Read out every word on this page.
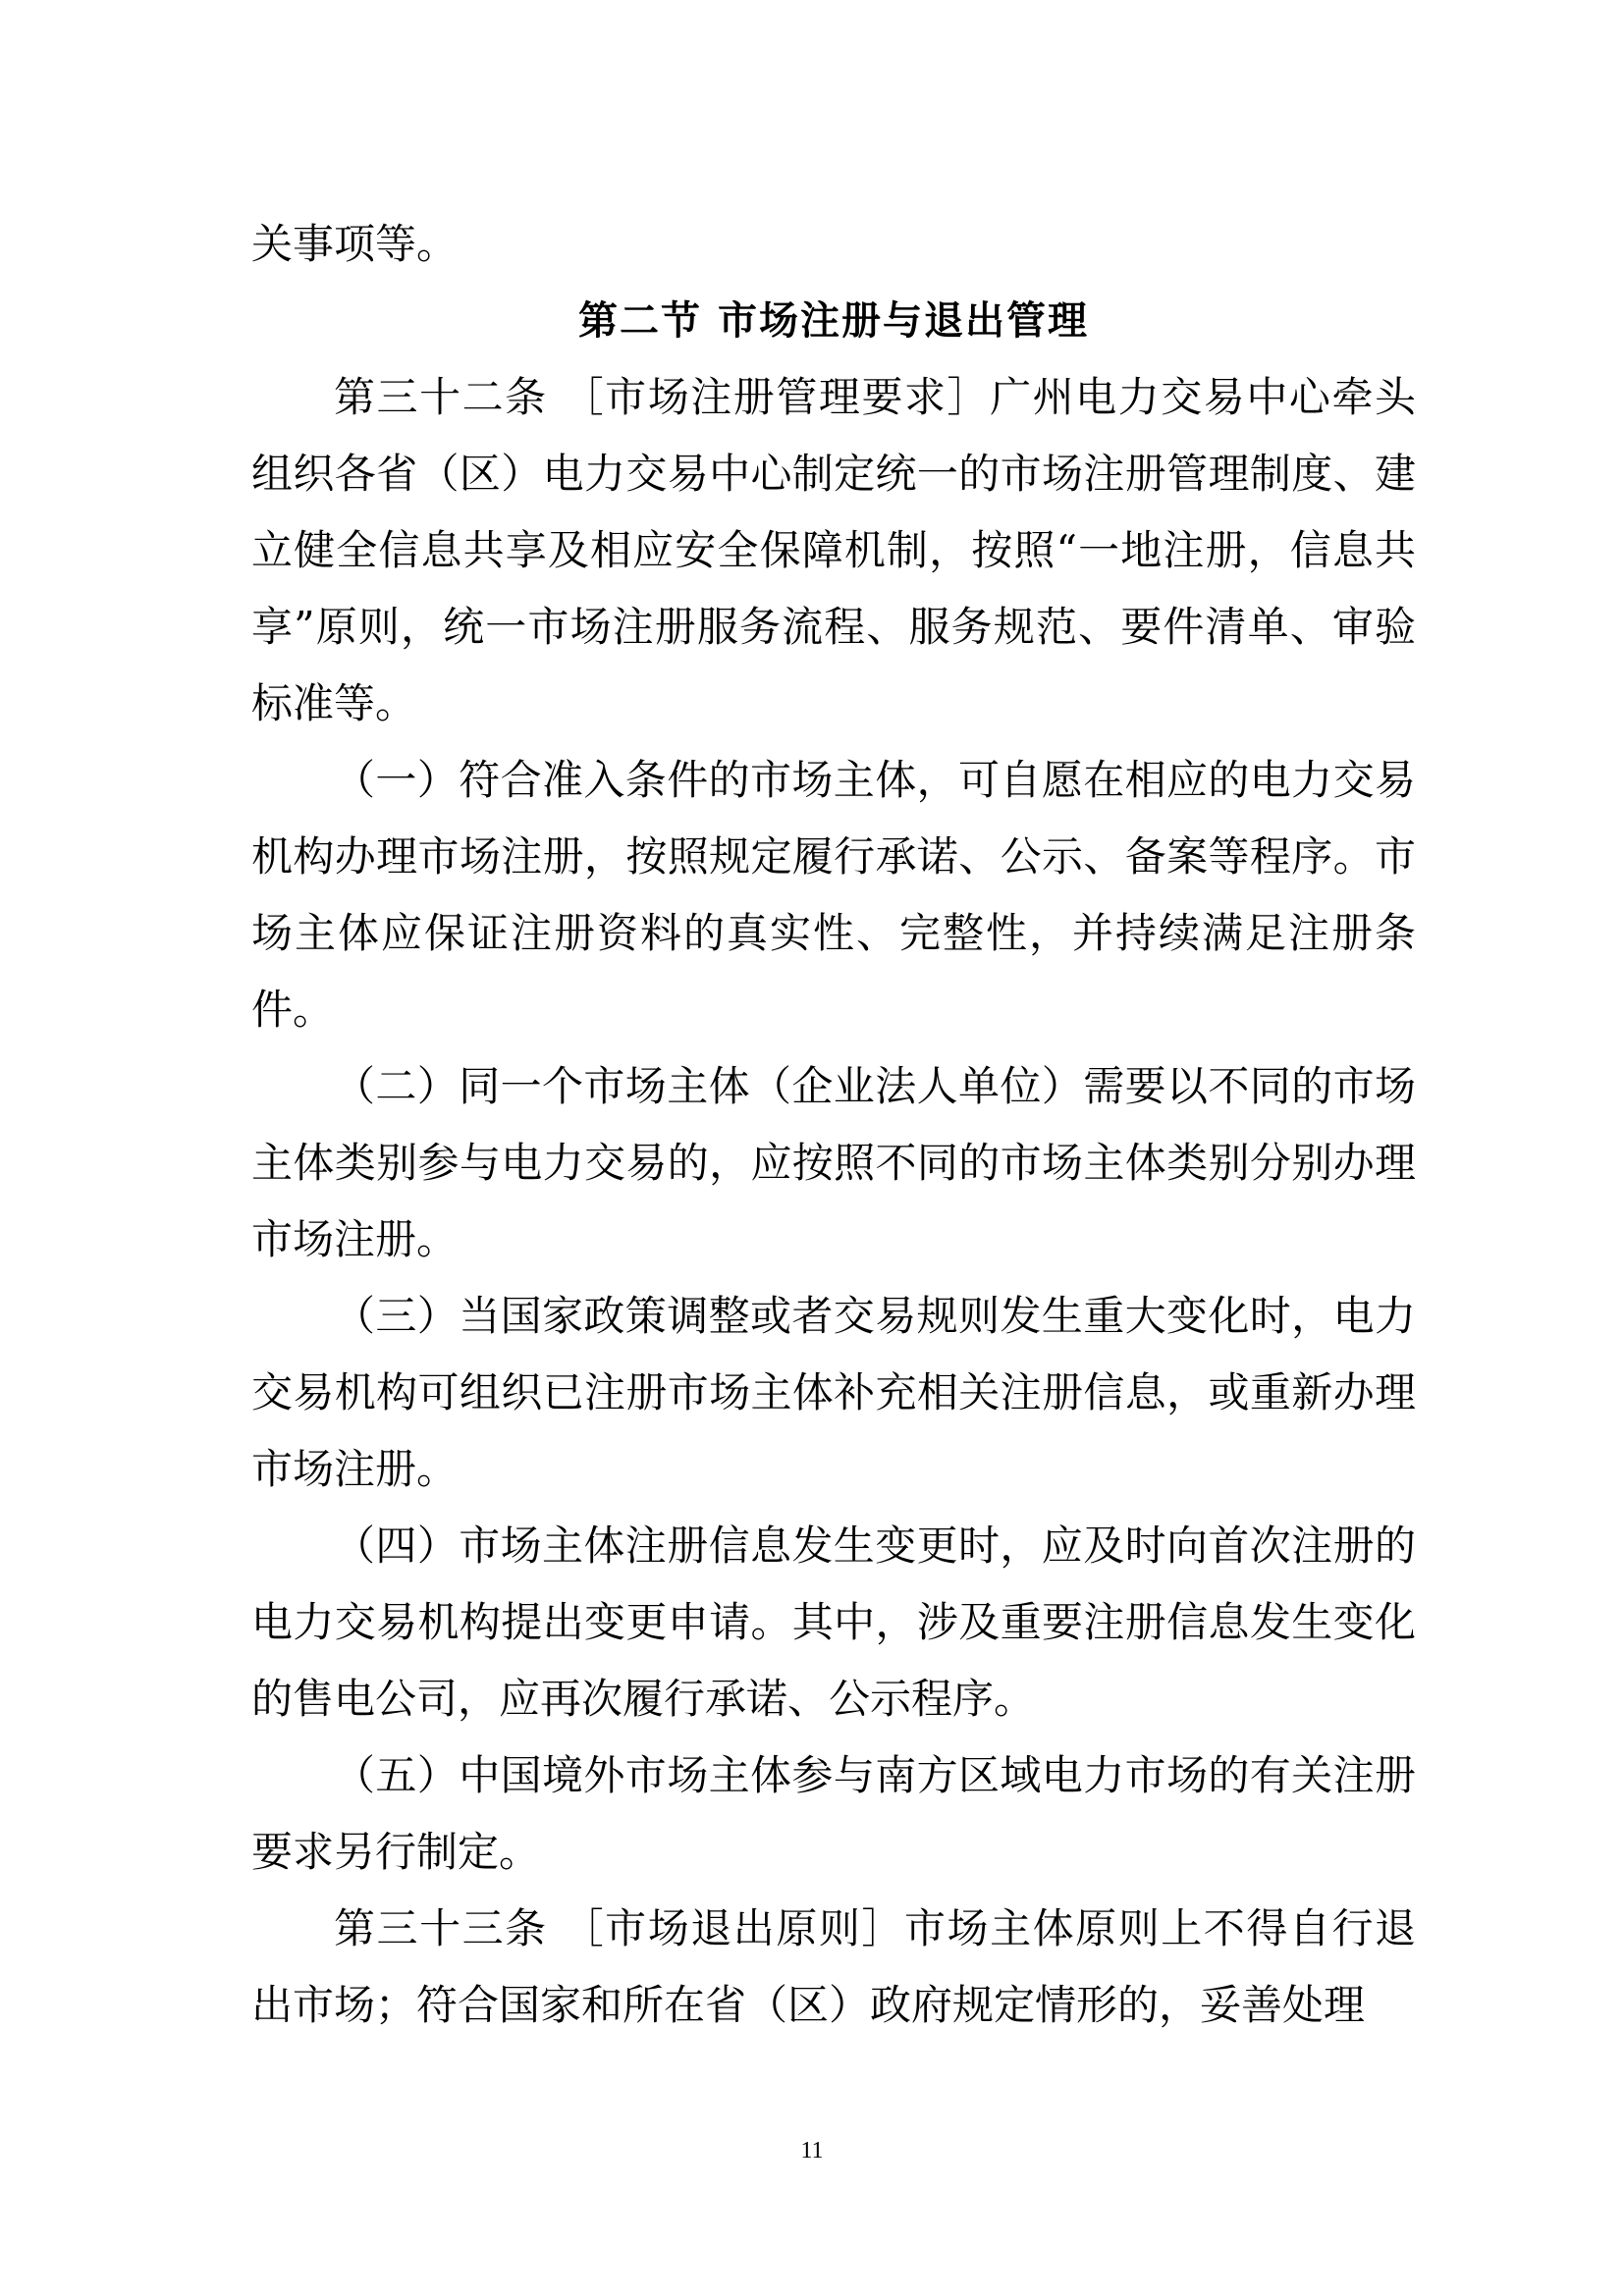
关事项等。

第二节 市场注册与退出管理

第三十二条 ［市场注册管理要求］广州电力交易中心牵头组织各省（区）电力交易中心制定统一的市场注册管理制度、建立健全信息共享及相应安全保障机制，按照“一地注册，信息共享”原则，统一市场注册服务流程、服务规范、要件清单、审验标准等。

（一）符合准入条件的市场主体，可自愿在相应的电力交易机构办理市场注册，按照规定履行承诺、公示、备案等程序。市场主体应保证注册资料的真实性、完整性，并持续满足注册条件。

（二）同一个市场主体（企业法人单位）需要以不同的市场主体类别参与电力交易的，应按照不同的市场主体类别分别办理市场注册。

（三）当国家政策调整或者交易规则发生重大变化时，电力交易机构可组织已注册市场主体补充相关注册信息，或重新办理市场注册。

（四）市场主体注册信息发生变更时，应及时向首次注册的电力交易机构提出变更申请。其中，涉及重要注册信息发生变化的售电公司，应再次履行承诺、公示程序。

（五）中国境外市场主体参与南方区域电力市场的有关注册要求另行制定。

第三十三条 ［市场退出原则］市场主体原则上不得自行退出市场；符合国家和所在省（区）政府规定情形的，妥善处理

11
